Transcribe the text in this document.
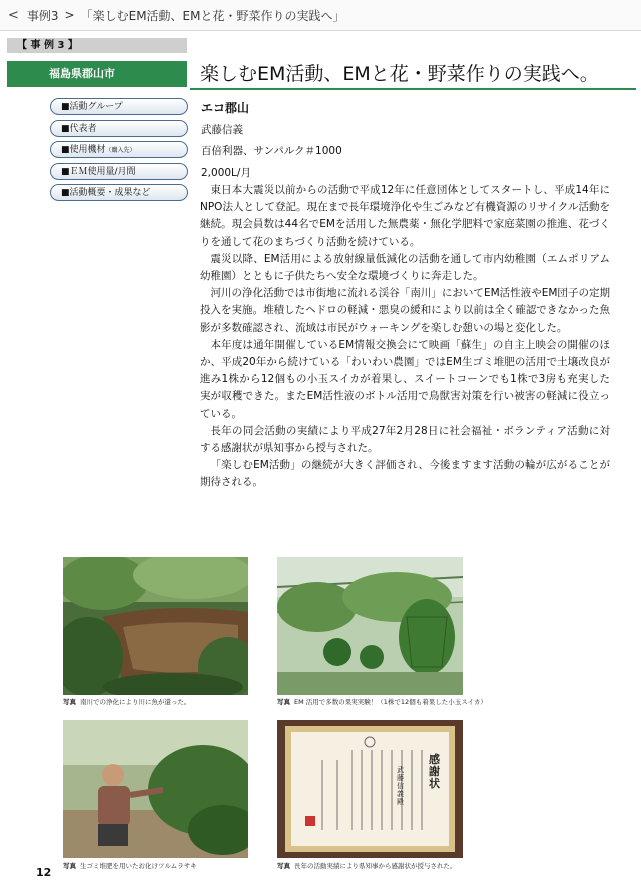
< 事例3 > 「楽しむEM活動、EMと花・野菜作りの実践へ」
【 事 例 3 】
福島県郡山市	楽しむEM活動、EMと花・野菜作りの実践へ。
■活動グループ
■代表者
■使用機材（購入先）
■ＥＭ使用量/月間
■活動概要・成果など
エコ郡山
武藤信義
百倍利器、サンパルク＃1000
2,000L/月

東日本大震災以前からの活動で平成12年に任意団体としてスタートし、平成14年にNPO法人として登記。現在まで長年環境浄化や生ごみなど有機資源のリサイクル活動を継続。現会員数は44名でEMを活用した無農薬・無化学肥料で家庭菜園の推進、花づくりを通して花のまちづくり活動を続けている。

震災以降、EM活用による放射線量低減化の活動を通して市内幼稚園（エムポリアム幼稚園）とともに子供たちへ安全な環境づくりに奔走した。

河川の浄化活動では市街地に流れる渓谷「南川」においてEM活性液やEM団子の定期投入を実施。堆積したヘドロの軽減・悪臭の緩和により以前は全く確認できなかった魚影が多数確認され、流域は市民がウォーキングを楽しむ憩いの場と変化した。

本年度は通年開催しているEM情報交換会にて映画「蘇生」の自主上映会の開催のほか、平成20年から続けている「わいわい農園」ではEM生ゴミ堆肥の活用で土壌改良が進み1株から12個もの小玉スイカが着果し、スイートコーンでも1株で3房も充実した実が収穫できた。またEM活性液のボトル活用で鳥獣害対策を行い被害の軽減に役立っている。

長年の同会活動の実績により平成27年2月28日に社会福祉・ボランティア活動に対する感謝状が県知事から授与された。

「楽しむEM活動」の継続が大きく評価され、今後ますます活動の輪が広がることが期待される。

写真 南川での浄化により川に魚が還った。	写真 EM 活用で多数の果実実験！（1株で12個も着果した小玉スイカ）
写真 生ゴミ堆肥を用いたお化けツルムラサキ
感謝状
武藤信義殿
写真 長年の活動実績により県知事から感謝状が授与された。
12
